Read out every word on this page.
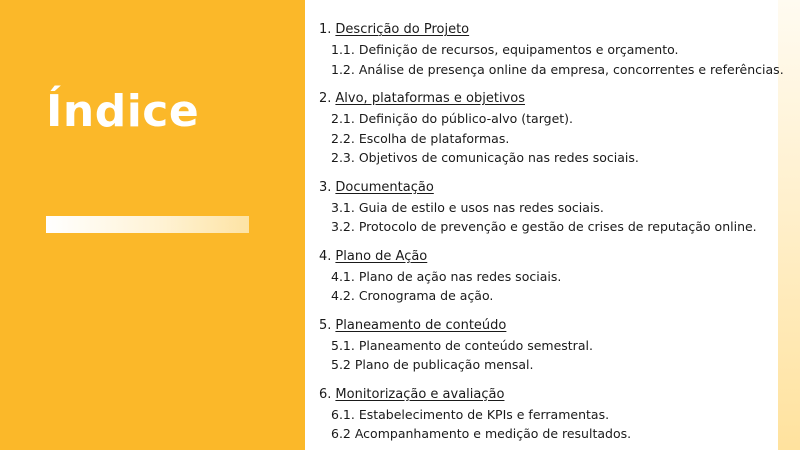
Índice
1. Descrição do Projeto
1.1. Definição de recursos, equipamentos e orçamento.
1.2. Análise de presença online da empresa, concorrentes e referências.
2. Alvo, plataformas e objetivos
2.1. Definição do público-alvo (target).
2.2. Escolha de plataformas.
2.3. Objetivos de comunicação nas redes sociais.
3. Documentação
3.1. Guia de estilo e usos nas redes sociais.
3.2. Protocolo de prevenção e gestão de crises de reputação online.
4. Plano de Ação
4.1. Plano de ação nas redes sociais.
4.2. Cronograma de ação.
5. Planeamento de conteúdo
5.1. Planeamento de conteúdo semestral.
5.2 Plano de publicação mensal.
6. Monitorização e avaliação
6.1. Estabelecimento de KPIs e ferramentas.
6.2 Acompanhamento e medição de resultados.
